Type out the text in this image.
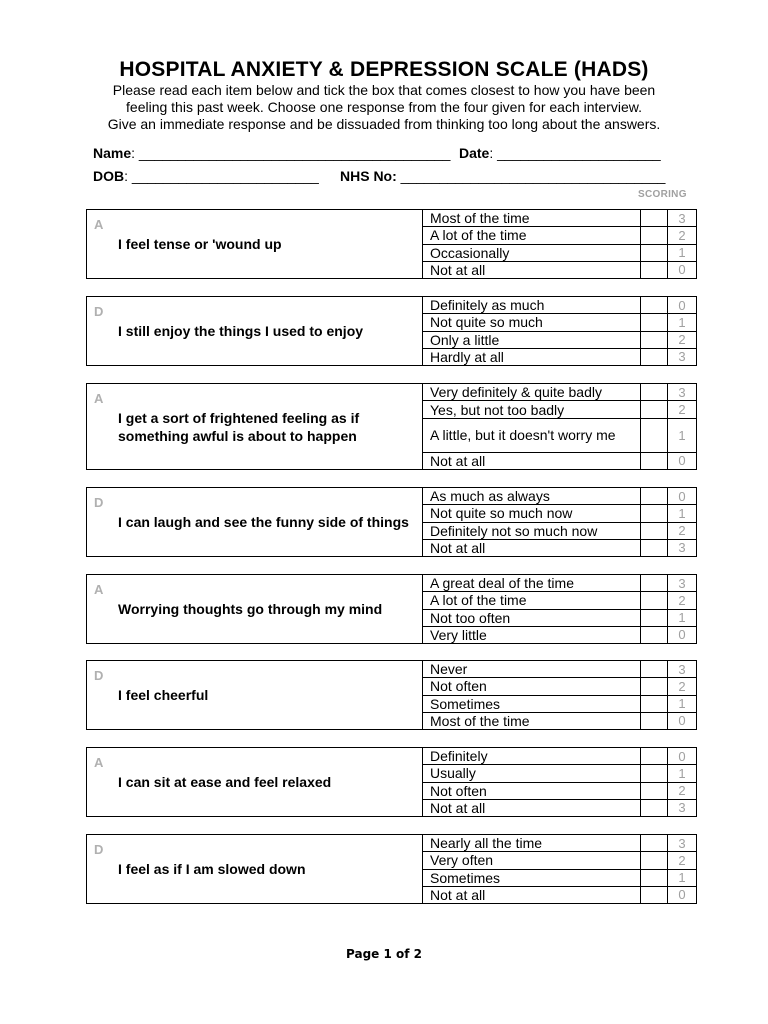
HOSPITAL ANXIETY & DEPRESSION SCALE (HADS)
Please read each item below and tick the box that comes closest to how you have been
feeling this past week. Choose one response from the four given for each interview.
Give an immediate response and be dissuaded from thinking too long about the answers.
Name: ________________________________________ Date: _____________________
DOB: ________________________ NHS No: __________________________________
SCORING
A
I feel tense or 'wound up
Most of the time	3
A lot of the time	2
Occasionally	1
Not at all	0
D
I still enjoy the things I used to enjoy
Definitely as much	0
Not quite so much	1
Only a little	2
Hardly at all	3
A
I get a sort of frightened feeling as if something awful is about to happen
Very definitely & quite badly	3
Yes, but not too badly	2
A little, but it doesn't worry me	1
Not at all	0
D
I can laugh and see the funny side of things
As much as always	0
Not quite so much now	1
Definitely not so much now	2
Not at all	3
A
Worrying thoughts go through my mind
A great deal of the time	3
A lot of the time	2
Not too often	1
Very little	0
D
I feel cheerful
Never	3
Not often	2
Sometimes	1
Most of the time	0
A
I can sit at ease and feel relaxed
Definitely	0
Usually	1
Not often	2
Not at all	3
D
I feel as if I am slowed down
Nearly all the time	3
Very often	2
Sometimes	1
Not at all	0
Page 1 of 2
